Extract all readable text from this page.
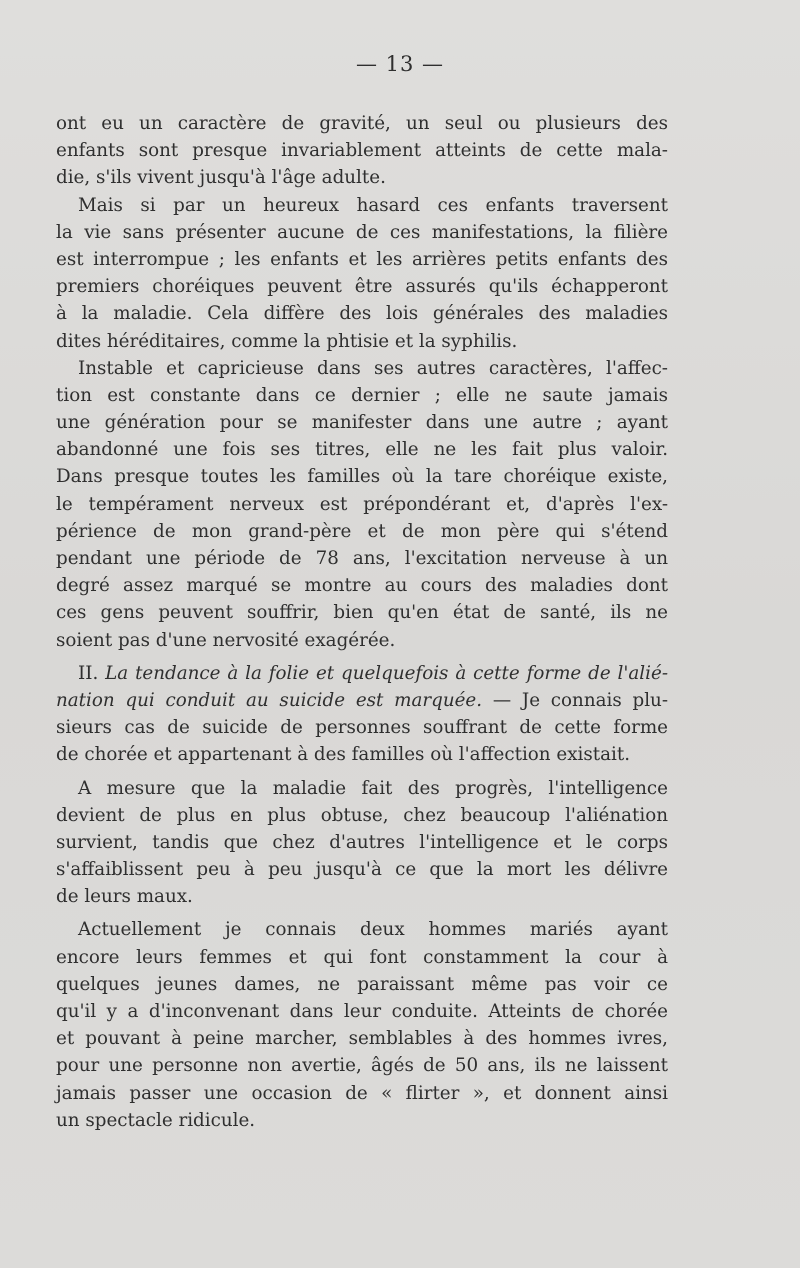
— 13 —
ont eu un caractère de gravité, un seul ou plusieurs des
enfants sont presque invariablement atteints de cette mala-
die, s'ils vivent jusqu'à l'âge adulte.
Mais si par un heureux hasard ces enfants traversent
la vie sans présenter aucune de ces manifestations, la filière
est interrompue ; les enfants et les arrières petits enfants des
premiers choréiques peuvent être assurés qu'ils échapperont
à la maladie. Cela diffère des lois générales des maladies
dites héréditaires, comme la phtisie et la syphilis.
Instable et capricieuse dans ses autres caractères, l'affec-
tion est constante dans ce dernier ; elle ne saute jamais
une génération pour se manifester dans une autre ; ayant
abandonné une fois ses titres, elle ne les fait plus valoir.
Dans presque toutes les familles où la tare choréique existe,
le tempérament nerveux est prépondérant et, d'après l'ex-
périence de mon grand-père et de mon père qui s'étend
pendant une période de 78 ans, l'excitation nerveuse à un
degré assez marqué se montre au cours des maladies dont
ces gens peuvent souffrir, bien qu'en état de santé, ils ne
soient pas d'une nervosité exagérée.
II. La tendance à la folie et quelquefois à cette forme de l'alié-
nation qui conduit au suicide est marquée. — Je connais plu-
sieurs cas de suicide de personnes souffrant de cette forme
de chorée et appartenant à des familles où l'affection existait.
A mesure que la maladie fait des progrès, l'intelligence
devient de plus en plus obtuse, chez beaucoup l'aliénation
survient, tandis que chez d'autres l'intelligence et le corps
s'affaiblissent peu à peu jusqu'à ce que la mort les délivre
de leurs maux.
Actuellement je connais deux hommes mariés ayant
encore leurs femmes et qui font constamment la cour à
quelques jeunes dames, ne paraissant même pas voir ce
qu'il y a d'inconvenant dans leur conduite. Atteints de chorée
et pouvant à peine marcher, semblables à des hommes ivres,
pour une personne non avertie, âgés de 50 ans, ils ne laissent
jamais passer une occasion de « flirter », et donnent ainsi
un spectacle ridicule.
